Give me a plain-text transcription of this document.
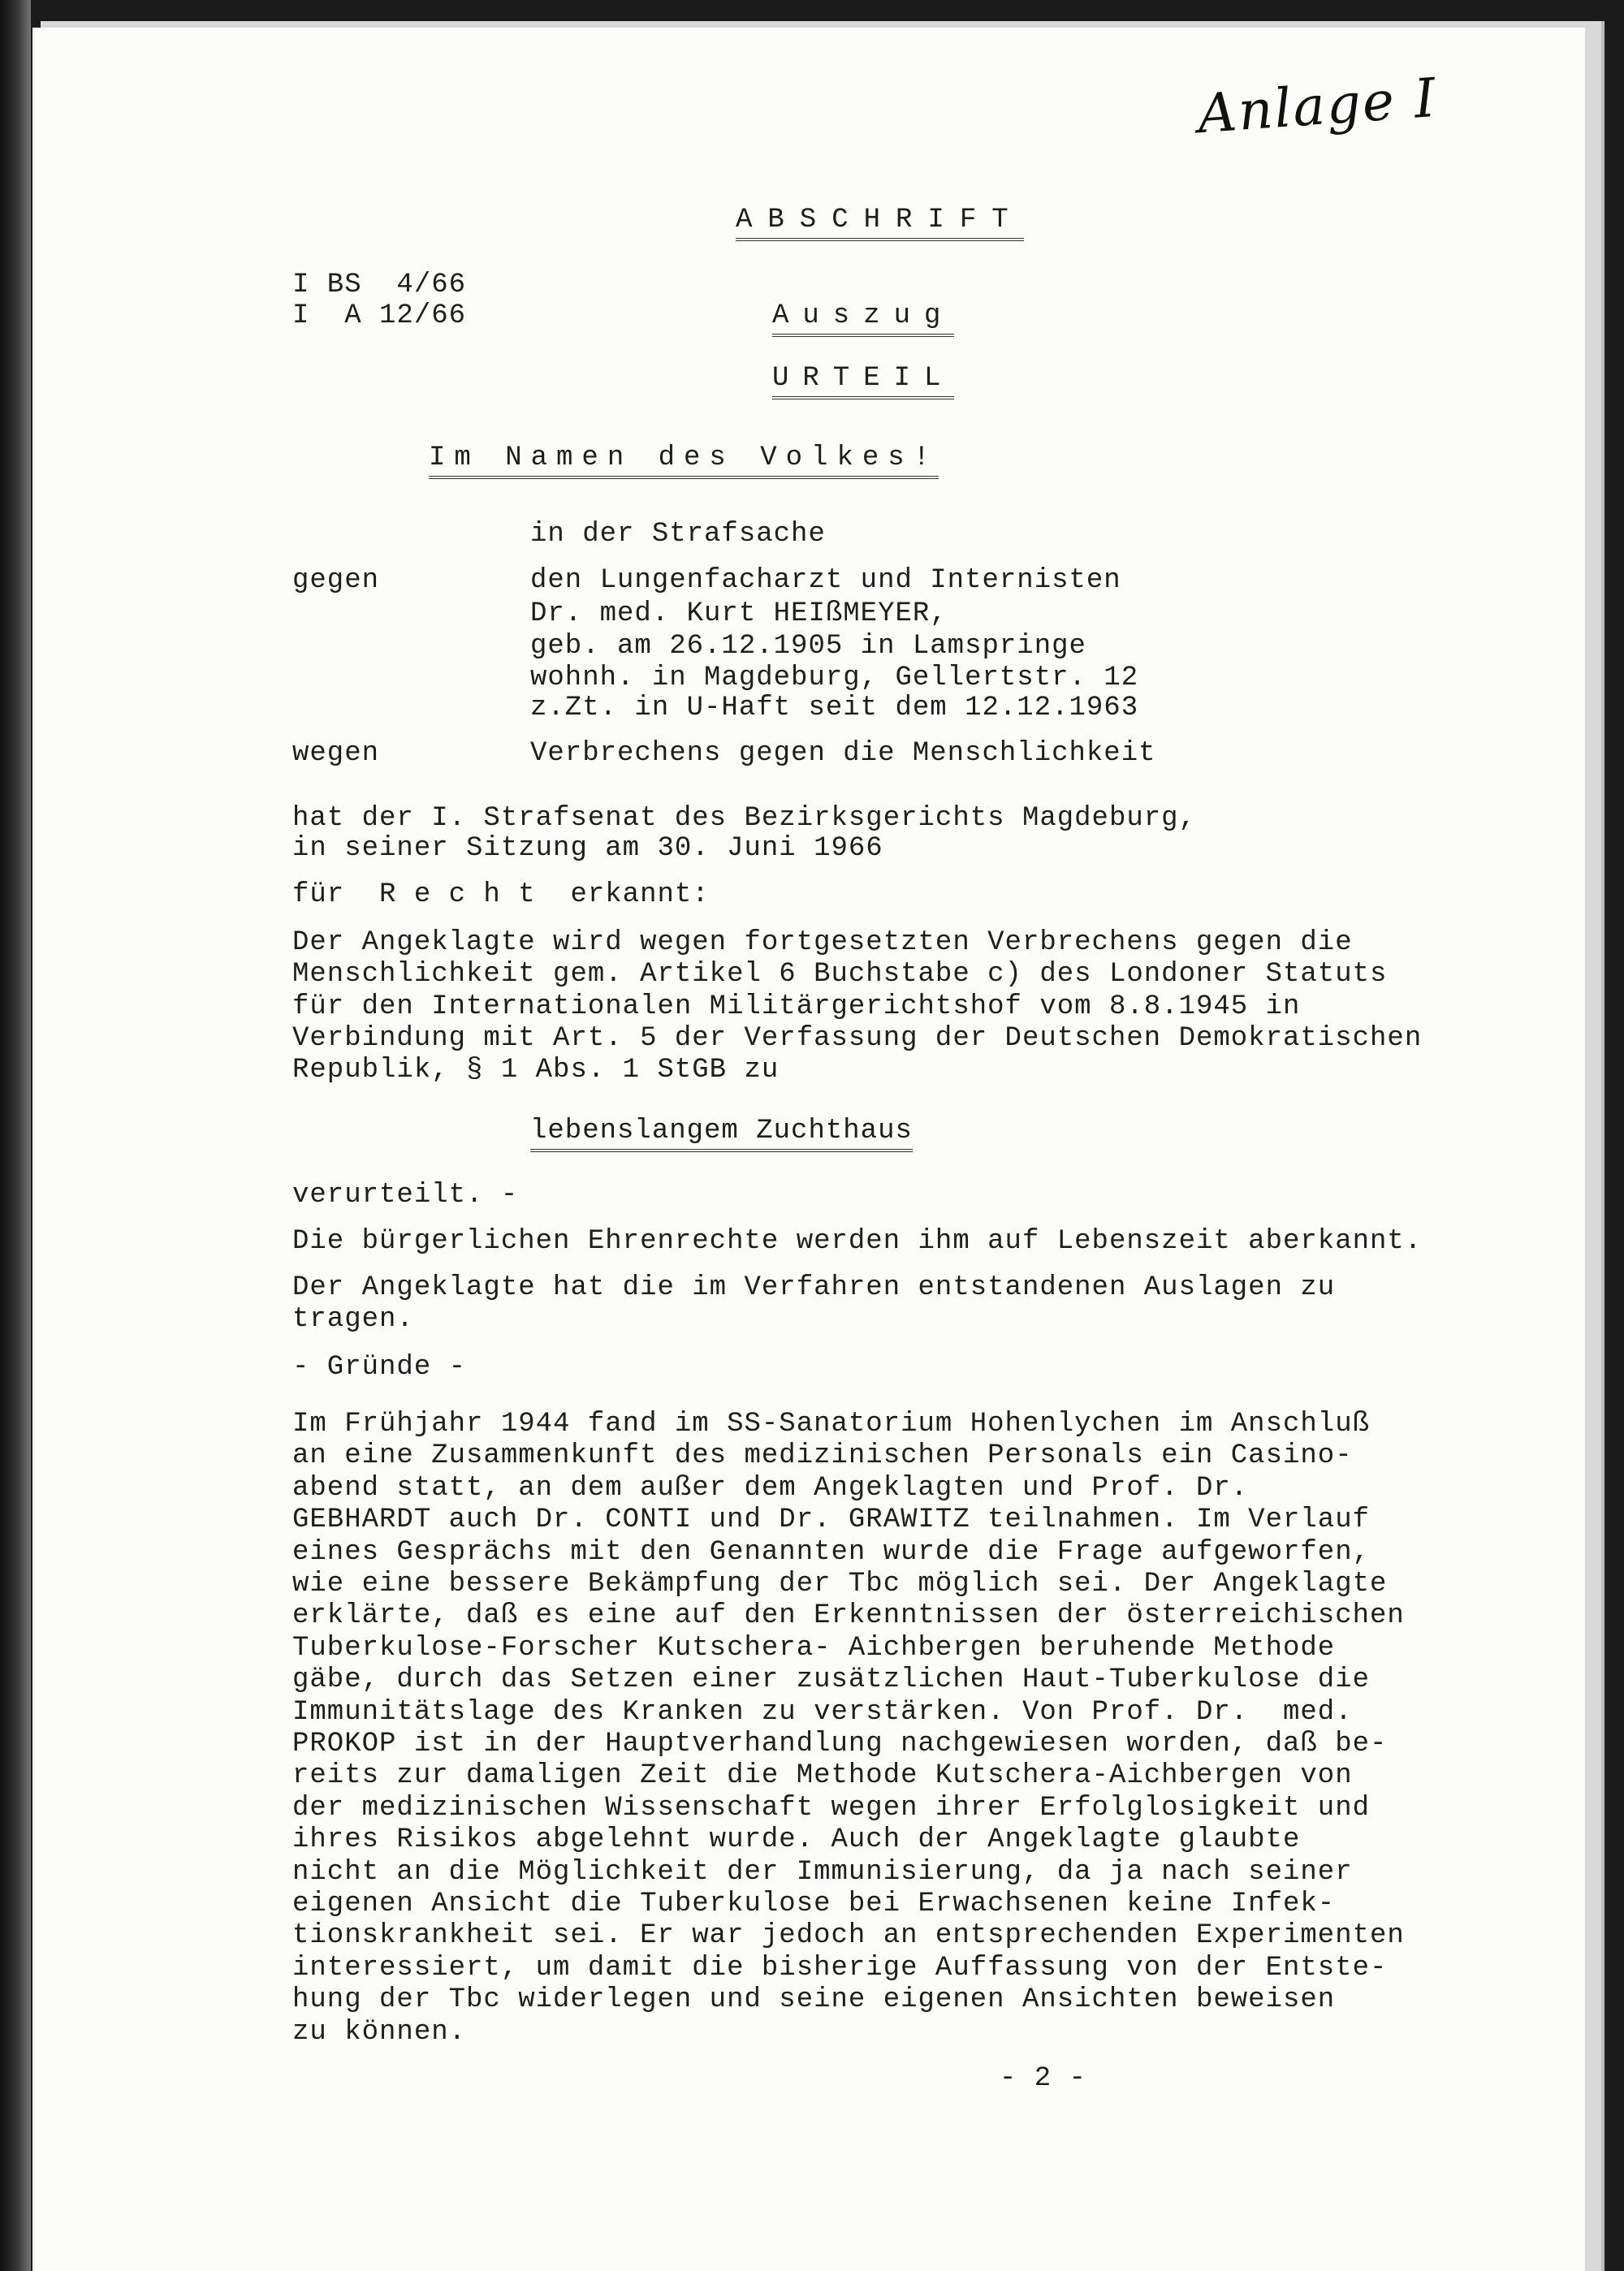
Anlage I
ABSCHRIFT
I BS  4/66
I  A 12/66	Auszug
URTEIL
Im Namen des Volkes!
in der Strafsache
gegen	den Lungenfacharzt und Internisten
Dr. med. Kurt HEIßMEYER,
geb. am 26.12.1905 in Lamspringe
wohnh. in Magdeburg, Gellertstr. 12
z.Zt. in U-Haft seit dem 12.12.1963
wegen	Verbrechens gegen die Menschlichkeit
hat der I. Strafsenat des Bezirksgerichts Magdeburg,
in seiner Sitzung am 30. Juni 1966
für  R e c h t  erkannt:
Der Angeklagte wird wegen fortgesetzten Verbrechens gegen die
Menschlichkeit gem. Artikel 6 Buchstabe c) des Londoner Statuts
für den Internationalen Militärgerichtshof vom 8.8.1945 in
Verbindung mit Art. 5 der Verfassung der Deutschen Demokratischen
Republik, § 1 Abs. 1 StGB zu
lebenslangem Zuchthaus
verurteilt. -
Die bürgerlichen Ehrenrechte werden ihm auf Lebenszeit aberkannt.
Der Angeklagte hat die im Verfahren entstandenen Auslagen zu
tragen.
- Gründe -
Im Frühjahr 1944 fand im SS-Sanatorium Hohenlychen im Anschluß
an eine Zusammenkunft des medizinischen Personals ein Casino-
abend statt, an dem außer dem Angeklagten und Prof. Dr.
GEBHARDT auch Dr. CONTI und Dr. GRAWITZ teilnahmen. Im Verlauf
eines Gesprächs mit den Genannten wurde die Frage aufgeworfen,
wie eine bessere Bekämpfung der Tbc möglich sei. Der Angeklagte
erklärte, daß es eine auf den Erkenntnissen der österreichischen
Tuberkulose-Forscher Kutschera- Aichbergen beruhende Methode
gäbe, durch das Setzen einer zusätzlichen Haut-Tuberkulose die
Immunitätslage des Kranken zu verstärken. Von Prof. Dr.  med.
PROKOP ist in der Hauptverhandlung nachgewiesen worden, daß be-
reits zur damaligen Zeit die Methode Kutschera-Aichbergen von
der medizinischen Wissenschaft wegen ihrer Erfolglosigkeit und
ihres Risikos abgelehnt wurde. Auch der Angeklagte glaubte
nicht an die Möglichkeit der Immunisierung, da ja nach seiner
eigenen Ansicht die Tuberkulose bei Erwachsenen keine Infek-
tionskrankheit sei. Er war jedoch an entsprechenden Experimenten
interessiert, um damit die bisherige Auffassung von der Entste-
hung der Tbc widerlegen und seine eigenen Ansichten beweisen
zu können.
- 2 -
